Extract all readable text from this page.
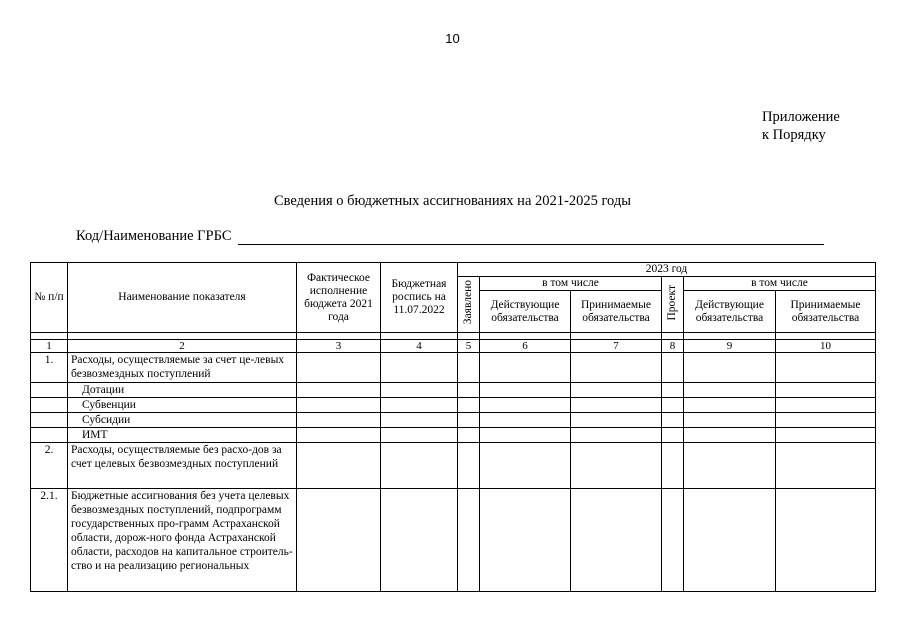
10
Приложение
к Порядку
Сведения о бюджетных ассигнованиях на 2021-2025 годы
Код/Наименование ГРБС
№ п/п	Наименование показателя	Фактическое исполнение бюджета 2021 года	Бюджетная роспись на 11.07.2022	2023 год					
				Заявлено	в том числе		Проект	в том числе	
					Действующие обязательства	Принимаемые обязательства		Действующие обязательства	Принимаемые обязательства

1	2	3	4	5	6	7	8	9	10
1.	Расходы, осуществляемые за счет це-левых безвозмездных поступлений								
	Дотации								
	Субвенции								
	Субсидии								
	ИМТ								
2.	Расходы, осуществляемые без расхо-дов за счет целевых безвозмездных поступлений								
2.1.	Бюджетные ассигнования без учета целевых безвозмездных поступлений, подпрограмм государственных про-грамм Астраханской области, дорож-ного фонда Астраханской области, расходов на капитальное строитель-ство и на реализацию региональных								
